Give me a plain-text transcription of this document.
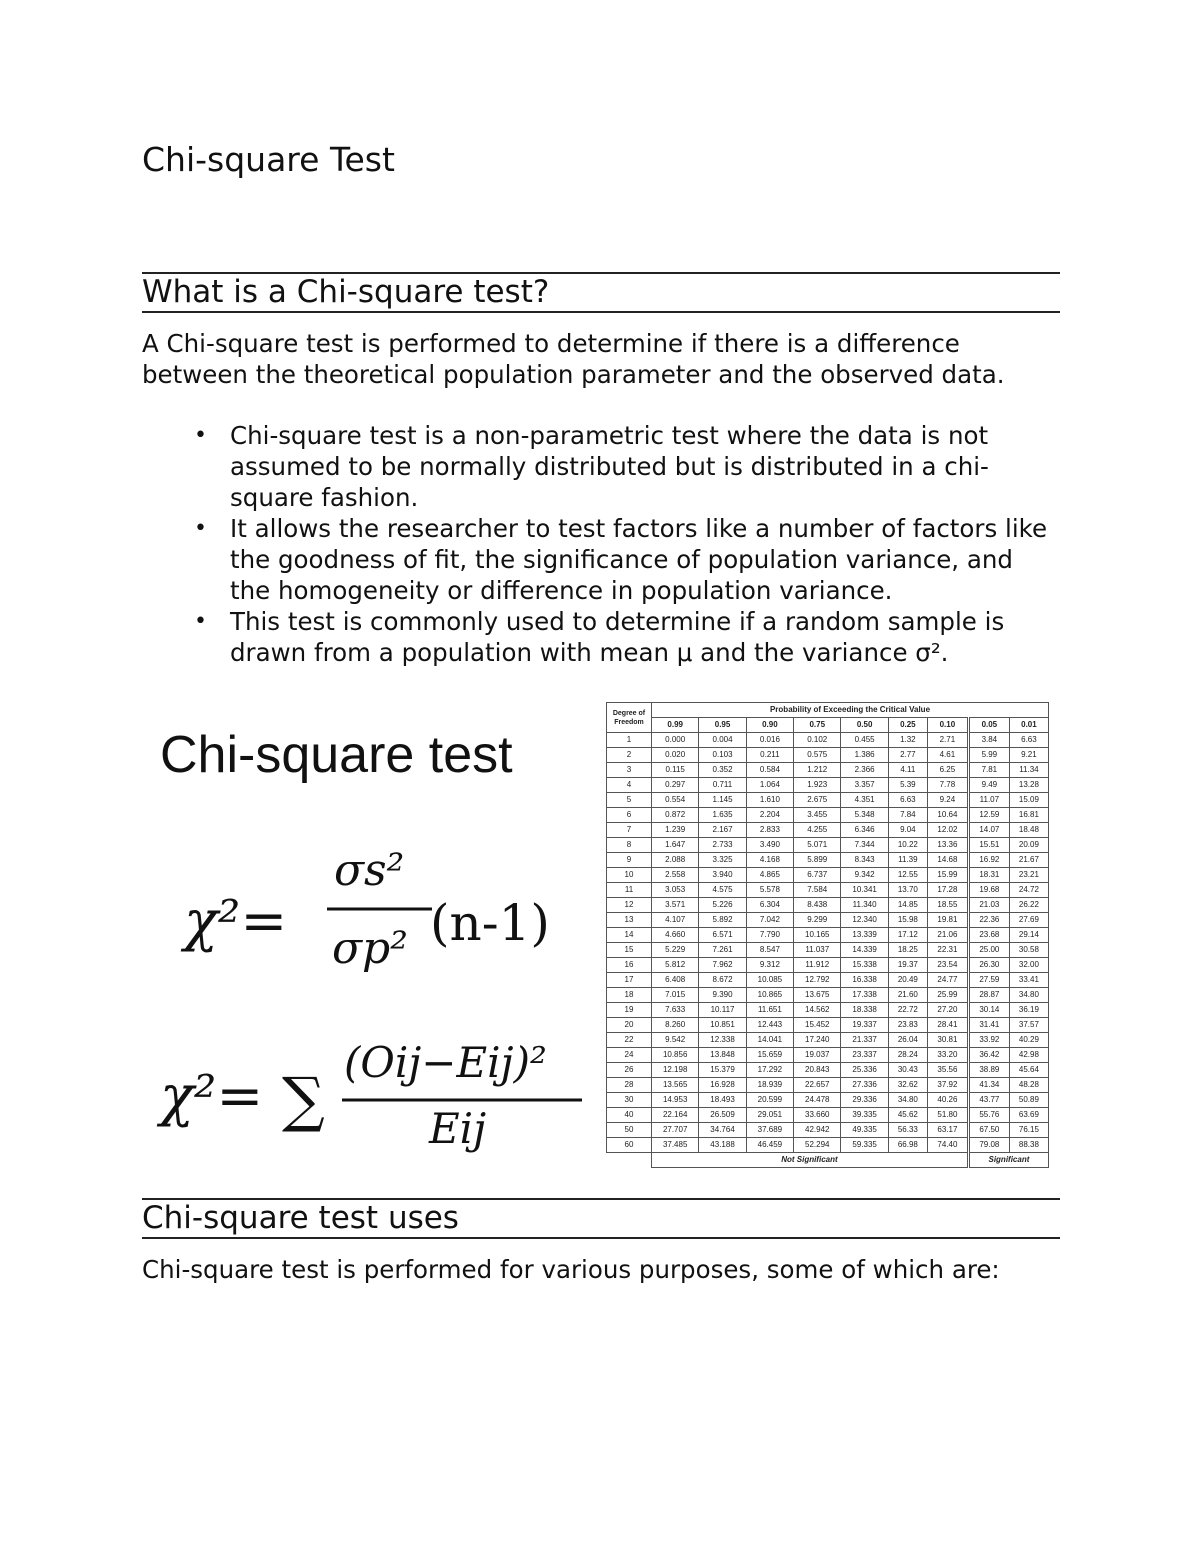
Chi-square Test
What is a Chi-square test?
A Chi-square test is performed to determine if there is a difference between the theoretical population parameter and the observed data.
• Chi-square test is a non-parametric test where the data is not assumed to be normally distributed but is distributed in a chi-square fashion.
• It allows the researcher to test factors like a number of factors like the goodness of fit, the significance of population variance, and the homogeneity or difference in population variance.
• This test is commonly used to determine if a random sample is drawn from a population with mean μ and the variance σ².
Chi-square test
χ²=
σs²
σp² (n-1)
χ²= ∑
(Oij−Eij)²
Eij
Degree of Freedom	Probability of Exceeding the Critical Value								
	0.99	0.95	0.90	0.75	0.50	0.25	0.10	0.05	0.01
1	0.000	0.004	0.016	0.102	0.455	1.32	2.71	3.84	6.63
2	0.020	0.103	0.211	0.575	1.386	2.77	4.61	5.99	9.21
3	0.115	0.352	0.584	1.212	2.366	4.11	6.25	7.81	11.34
4	0.297	0.711	1.064	1.923	3.357	5.39	7.78	9.49	13.28
5	0.554	1.145	1.610	2.675	4.351	6.63	9.24	11.07	15.09
6	0.872	1.635	2.204	3.455	5.348	7.84	10.64	12.59	16.81
7	1.239	2.167	2.833	4.255	6.346	9.04	12.02	14.07	18.48
8	1.647	2.733	3.490	5.071	7.344	10.22	13.36	15.51	20.09
9	2.088	3.325	4.168	5.899	8.343	11.39	14.68	16.92	21.67
10	2.558	3.940	4.865	6.737	9.342	12.55	15.99	18.31	23.21
11	3.053	4.575	5.578	7.584	10.341	13.70	17.28	19.68	24.72
12	3.571	5.226	6.304	8.438	11.340	14.85	18.55	21.03	26.22
13	4.107	5.892	7.042	9.299	12.340	15.98	19.81	22.36	27.69
14	4.660	6.571	7.790	10.165	13.339	17.12	21.06	23.68	29.14
15	5.229	7.261	8.547	11.037	14.339	18.25	22.31	25.00	30.58
16	5.812	7.962	9.312	11.912	15.338	19.37	23.54	26.30	32.00
17	6.408	8.672	10.085	12.792	16.338	20.49	24.77	27.59	33.41
18	7.015	9.390	10.865	13.675	17.338	21.60	25.99	28.87	34.80
19	7.633	10.117	11.651	14.562	18.338	22.72	27.20	30.14	36.19
20	8.260	10.851	12.443	15.452	19.337	23.83	28.41	31.41	37.57
22	9.542	12.338	14.041	17.240	21.337	26.04	30.81	33.92	40.29
24	10.856	13.848	15.659	19.037	23.337	28.24	33.20	36.42	42.98
26	12.198	15.379	17.292	20.843	25.336	30.43	35.56	38.89	45.64
28	13.565	16.928	18.939	22.657	27.336	32.62	37.92	41.34	48.28
30	14.953	18.493	20.599	24.478	29.336	34.80	40.26	43.77	50.89
40	22.164	26.509	29.051	33.660	39.335	45.62	51.80	55.76	63.69
50	27.707	34.764	37.689	42.942	49.335	56.33	63.17	67.50	76.15
60	37.485	43.188	46.459	52.294	59.335	66.98	74.40	79.08	88.38
	Not Significant							Significant	
Chi-square test uses
Chi-square test is performed for various purposes, some of which are:
